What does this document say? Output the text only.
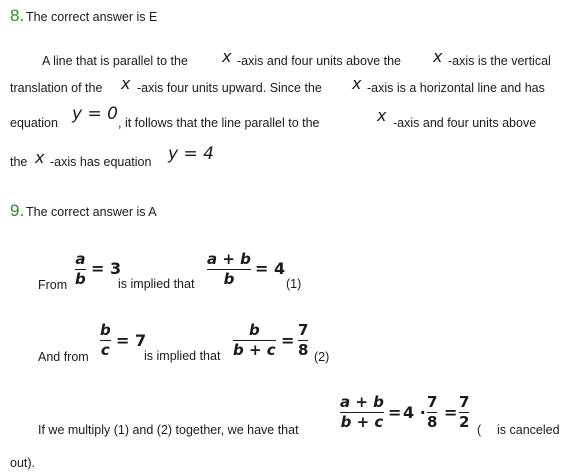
8. The correct answer is E
A line that is parallel to the x -axis and four units above the x -axis is the vertical
translation of the x -axis four units upward. Since the x -axis is a horizontal line and has
equation y = 0 , it follows that the line parallel to the	x -axis and four units above
the x -axis has equation y = 4
9. The correct answer is A
From
a
b
= 3
is implied that
a + b
b
= 4
(1)
And from
b
c
= 7
is implied that
b
b + c
=
7
8 (2)
If we multiply (1) and (2) together, we have that
a + b
b + c
= 4 ·
7
8
=
7
2 ( is canceled
out).
